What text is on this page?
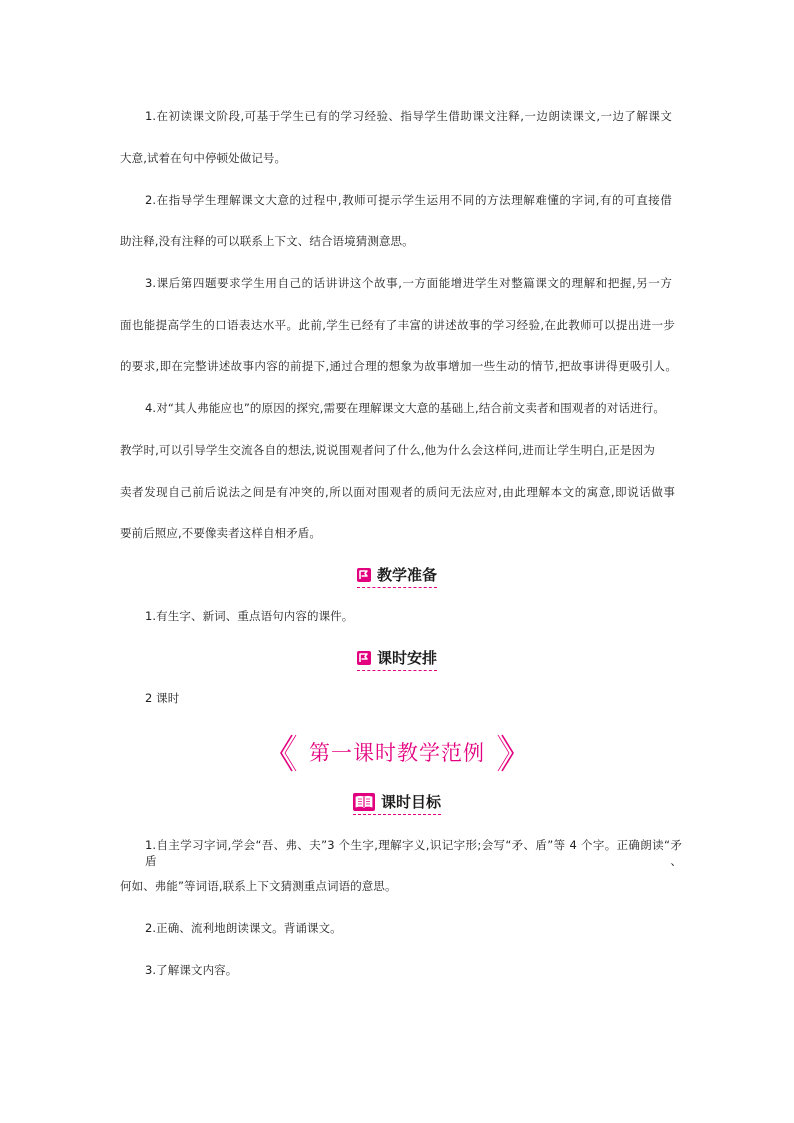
1.在初读课文阶段,可基于学生已有的学习经验、指导学生借助课文注释,一边朗读课文,一边了解课文
大意,试着在句中停顿处做记号。
2.在指导学生理解课文大意的过程中,教师可提示学生运用不同的方法理解难懂的字词,有的可直接借
助注释,没有注释的可以联系上下文、结合语境猜测意思。
3.课后第四题要求学生用自己的话讲讲这个故事,一方面能增进学生对整篇课文的理解和把握,另一方
面也能提高学生的口语表达水平。此前,学生已经有了丰富的讲述故事的学习经验,在此教师可以提出进一步
的要求,即在完整讲述故事内容的前提下,通过合理的想象为故事增加一些生动的情节,把故事讲得更吸引人。
4.对“其人弗能应也”的原因的探究,需要在理解课文大意的基础上,结合前文卖者和围观者的对话进行。
教学时,可以引导学生交流各自的想法,说说围观者问了什么,他为什么会这样问,进而让学生明白,正是因为
卖者发现自己前后说法之间是有冲突的,所以面对围观者的质问无法应对,由此理解本文的寓意,即说话做事
要前后照应,不要像卖者这样自相矛盾。
教学准备
1.有生字、新词、重点语句内容的课件。
课时安排
2 课时
第一课时教学范例
课时目标
1.自主学习字词,学会“吾、弗、夫”3 个生字,理解字义,识记字形;会写“矛、盾”等 4 个字。正确朗读“矛盾、
何如、弗能”等词语,联系上下文猜测重点词语的意思。
2.正确、流利地朗读课文。背诵课文。
3.了解课文内容。
